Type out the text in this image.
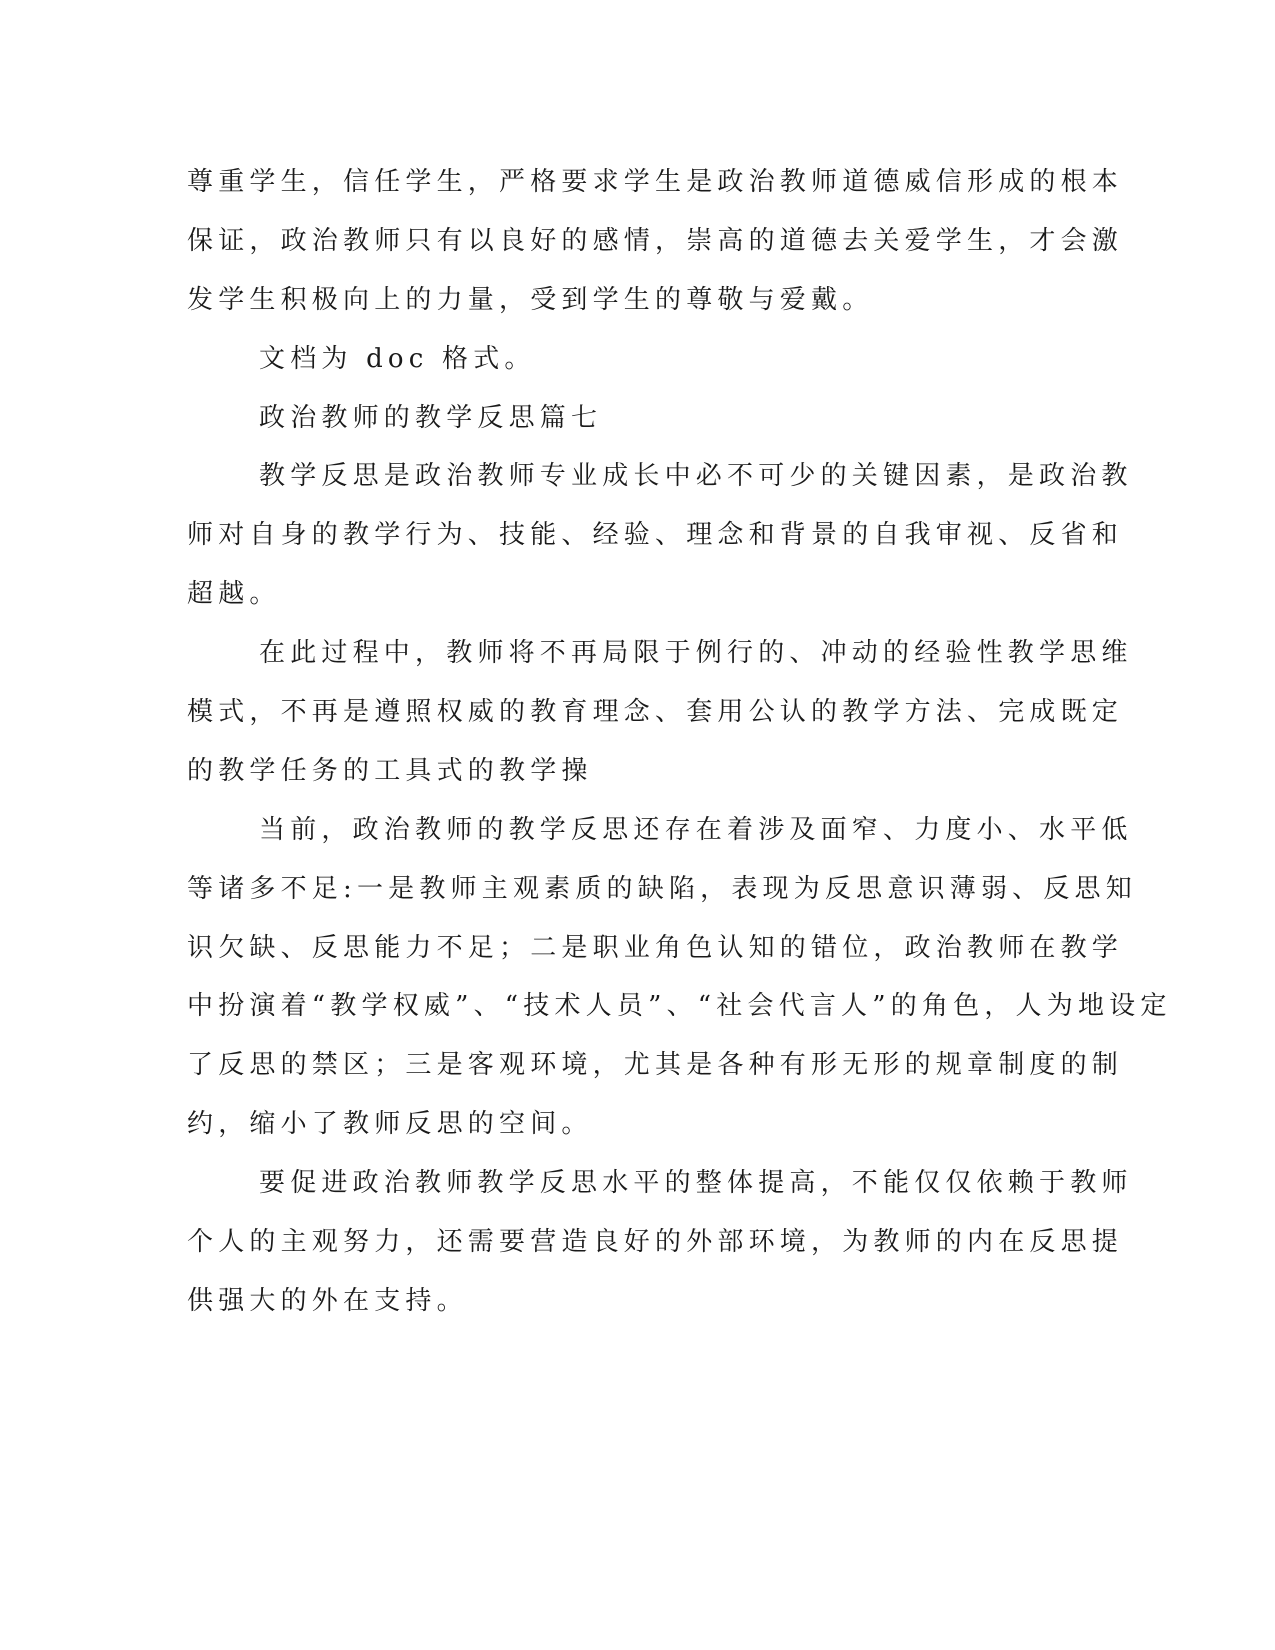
尊重学生，信任学生，严格要求学生是政治教师道德威信形成的根本
保证，政治教师只有以良好的感情，崇高的道德去关爱学生，才会激
发学生积极向上的力量，受到学生的尊敬与爱戴。
文档为 doc 格式。
政治教师的教学反思篇七
教学反思是政治教师专业成长中必不可少的关键因素，是政治教
师对自身的教学行为、技能、经验、理念和背景的自我审视、反省和
超越。
在此过程中，教师将不再局限于例行的、冲动的经验性教学思维
模式，不再是遵照权威的教育理念、套用公认的教学方法、完成既定
的教学任务的工具式的教学操
当前，政治教师的教学反思还存在着涉及面窄、力度小、水平低
等诸多不足:一是教师主观素质的缺陷，表现为反思意识薄弱、反思知
识欠缺、反思能力不足；二是职业角色认知的错位，政治教师在教学
中扮演着“教学权威”、“技术人员”、“社会代言人”的角色，人为地设定
了反思的禁区；三是客观环境，尤其是各种有形无形的规章制度的制
约，缩小了教师反思的空间。
要促进政治教师教学反思水平的整体提高，不能仅仅依赖于教师
个人的主观努力，还需要营造良好的外部环境，为教师的内在反思提
供强大的外在支持。
